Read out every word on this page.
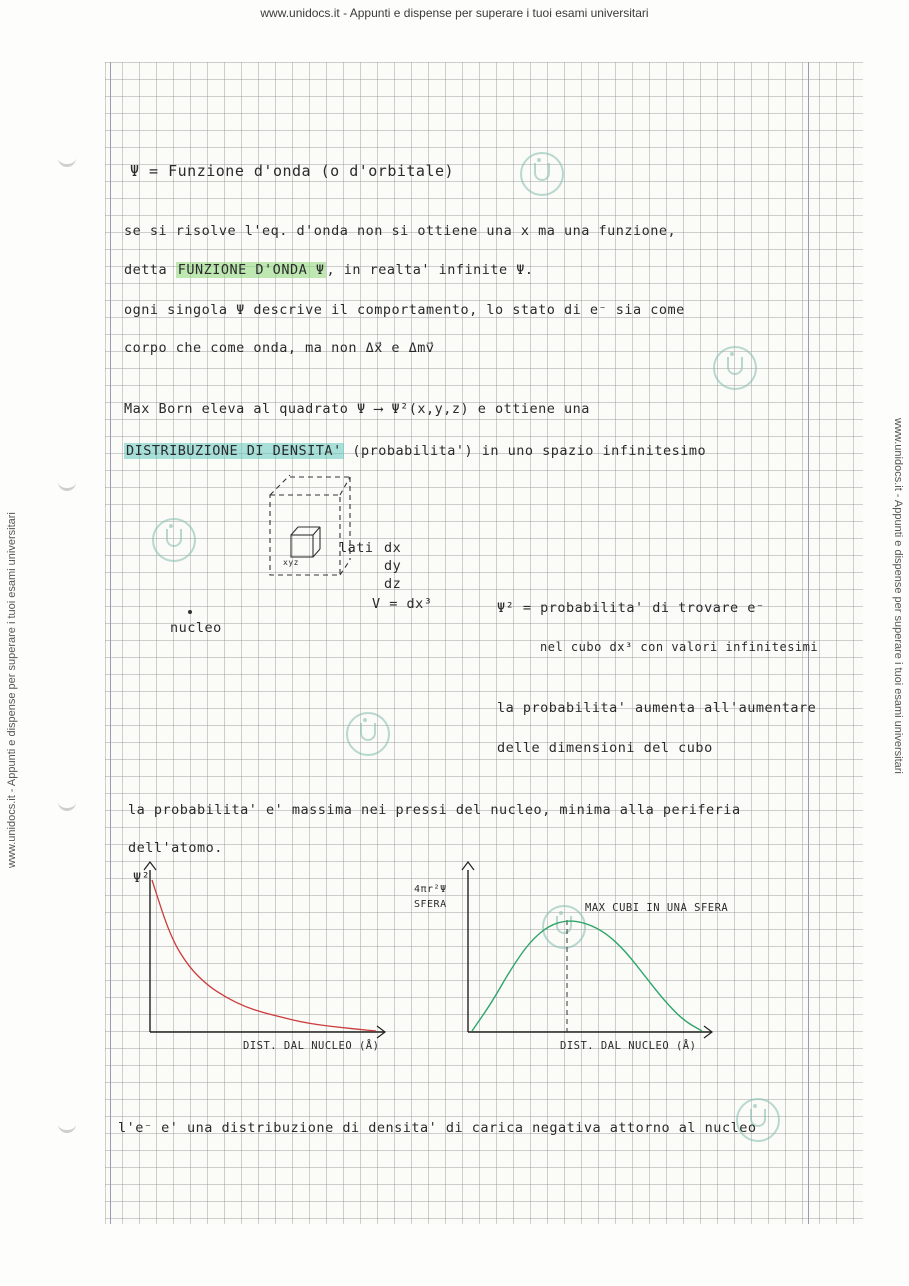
www.unidocs.it - Appunti e dispense per superare i tuoi esami universitari
www.unidocs.it - Appunti e dispense per superare i tuoi esami universitari	www.unidocs.it - Appunti e dispense per superare i tuoi esami universitari
Ψ = Funzione d'onda (o d'orbitale)
se si risolve l'eq. d'onda non si ottiene una x ma una funzione,
detta FUNZIONE D'ONDA Ψ , in realta' infinite Ψ.
ogni singola Ψ descrive il comportamento, lo stato di e⁻ sia come
corpo che come onda, ma non Δx⃗ e Δmv⃗
Max Born eleva al quadrato Ψ ⟶ Ψ²(x,y,z) e ottiene una
DISTRIBUZIONE DI DENSITA' (probabilita') in uno spazio infinitesimo
xyz
lati dx
dy
dz
V = dx³
nucleo
Ψ² = probabilita' di trovare e⁻
nel cubo dx³ con valori infinitesimi
la probabilita' aumenta all'aumentare
delle dimensioni del cubo
la probabilita' e' massima nei pressi del nucleo, minima alla periferia
dell'atomo.
Ψ²
DIST. DAL NUCLEO (Å)
4πr²Ψ SFERA	MAX CUBI IN UNA SFERA
DIST. DAL NUCLEO (Å)
l'e⁻ e' una distribuzione di densita' di carica negativa attorno al nucleo
